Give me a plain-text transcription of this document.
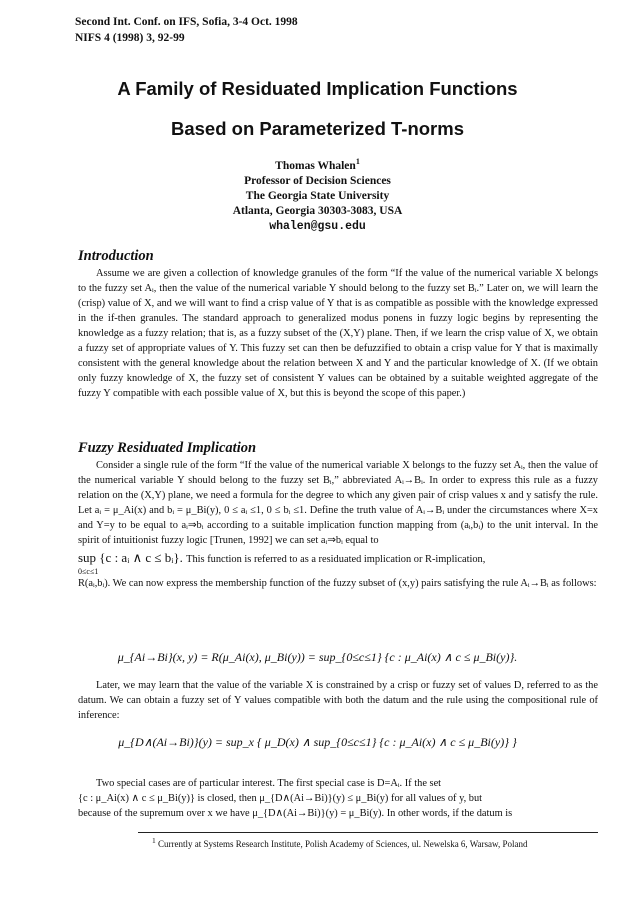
Second Int. Conf. on IFS, Sofia, 3-4 Oct. 1998
NIFS 4 (1998) 3, 92-99
A Family of Residuated Implication Functions
Based on Parameterized T-norms
Thomas Whalen$^1$
Professor of Decision Sciences
The Georgia State University
Atlanta, Georgia 30303-3083, USA
whalen@gsu.edu
Introduction

Assume we are given a collection of knowledge granules of the form “If the value of the numerical variable X belongs to the fuzzy set Aᵢ, then the value of the numerical variable Y should belong to the fuzzy set Bᵢ.” Later on, we will learn the (crisp) value of X, and we will want to find a crisp value of Y that is as compatible as possible with the knowledge expressed in the if-then granules. The standard approach to generalized modus ponens in fuzzy logic begins by representing the knowledge as a fuzzy relation; that is, as a fuzzy subset of the (X,Y) plane. Then, if we learn the crisp value of X, we obtain a fuzzy set of appropriate values of Y. This fuzzy set can then be defuzzified to obtain a crisp value for Y that is maximally consistent with the general knowledge about the relation between X and Y and the particular knowledge of X. (If we obtain only fuzzy knowledge of X, the fuzzy set of consistent Y values can be obtained by a suitable weighted aggregate of the fuzzy Y compatible with each possible value of X, but this is beyond the scope of this paper.)

Fuzzy Residuated Implication

Consider a single rule of the form “If the value of the numerical variable X belongs to the fuzzy set Aᵢ, then the value of the numerical variable Y should belong to the fuzzy set Bᵢ,” abbreviated Aᵢ→Bᵢ. In order to express this rule as a fuzzy relation on the (X,Y) plane, we need a formula for the degree to which any given pair of crisp values x and y satisfy the rule. Let aᵢ = μ_Ai(x) and bᵢ = μ_Bi(y), 0 ≤ aᵢ ≤1, 0 ≤ bᵢ ≤1. Define the truth value of Aᵢ→Bᵢ under the circumstances where X=x and Y=y to be equal to aᵢ⇒bᵢ according to a suitable implication function mapping from (aᵢ,bᵢ) to the unit interval. In the spirit of intuitionist fuzzy logic [Trunen, 1992] we can set aᵢ⇒bᵢ equal to

sup {c : aᵢ ∧ c ≤ bᵢ}. This function is referred to as a residuated implication or R-implication,

0≤c≤1

R(aᵢ,bᵢ). We can now express the membership function of the fuzzy subset of (x,y) pairs satisfying the rule Aᵢ→Bᵢ as follows:

μ_{Ai→Bi}(x, y) = R(μ_Ai(x), μ_Bi(y)) = sup_{0≤c≤1} {c : μ_Ai(x) ∧ c ≤ μ_Bi(y)}.

Later, we may learn that the value of the variable X is constrained by a crisp or fuzzy set of values D, referred to as the datum. We can obtain a fuzzy set of Y values compatible with both the datum and the rule using the compositional rule of inference:

μ_{D∧(Ai→Bi)}(y) = sup_x { μ_D(x) ∧ sup_{0≤c≤1} {c : μ_Ai(x) ∧ c ≤ μ_Bi(y)} }

Two special cases are of particular interest. The first special case is D=Aᵢ. If the set

{c : μ_Ai(x) ∧ c ≤ μ_Bi(y)} is closed, then μ_{D∧(Ai→Bi)}(y) ≤ μ_Bi(y) for all values of y, but

because of the supremum over x we have μ_{D∧(Ai→Bi)}(y) = μ_Bi(y). In other words, if the datum is

$^1$ Currently at Systems Research Institute, Polish Academy of Sciences, ul. Newelska 6, Warsaw, Poland
